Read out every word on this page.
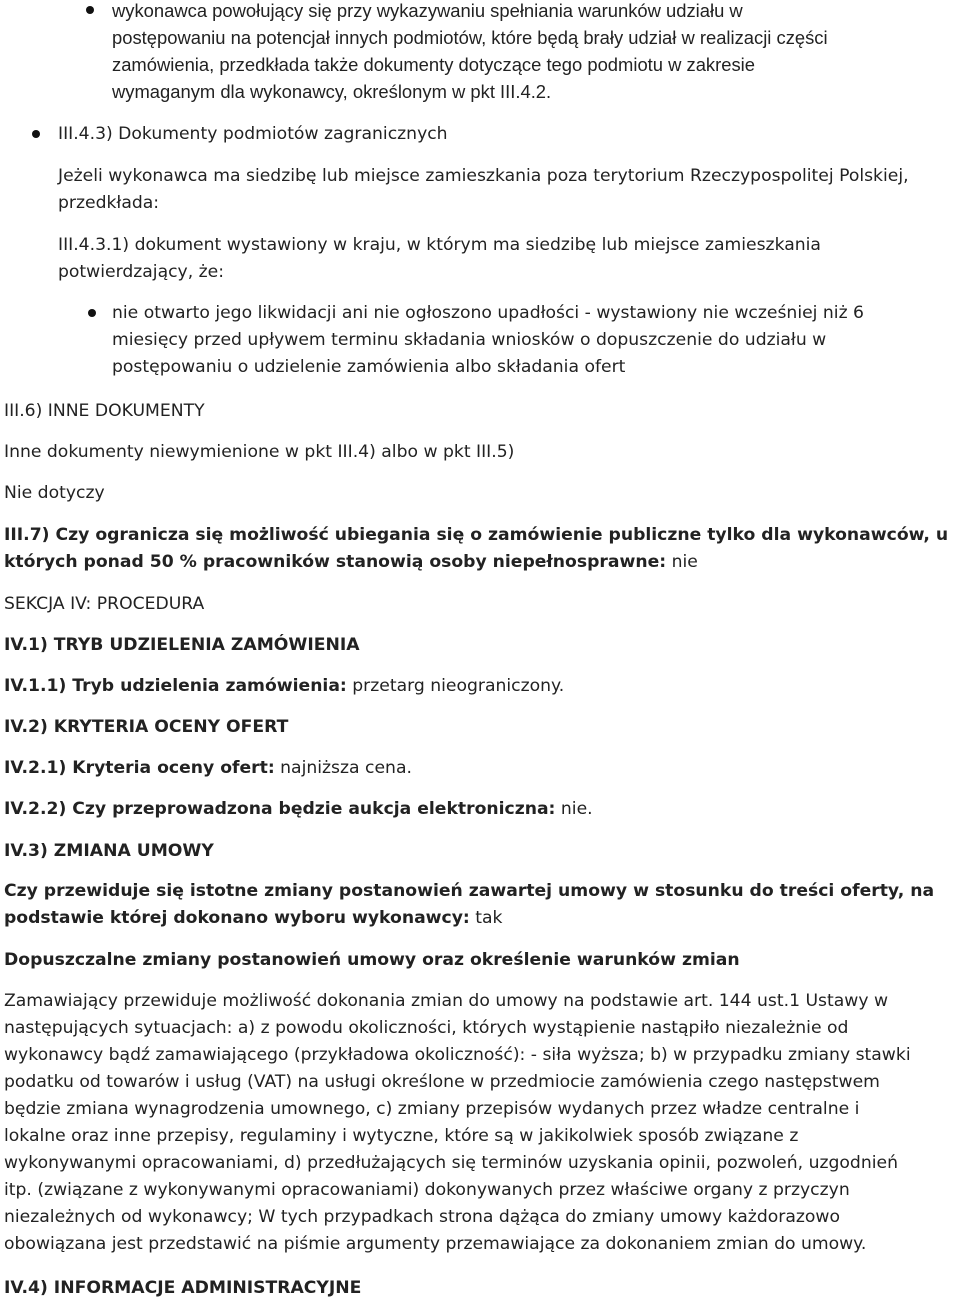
wykonawca powołujący się przy wykazywaniu spełniania warunków udziału w
postępowaniu na potencjał innych podmiotów, które będą brały udział w realizacji części
zamówienia, przedkłada także dokumenty dotyczące tego podmiotu w zakresie
wymaganym dla wykonawcy, określonym w pkt III.4.2.
III.4.3) Dokumenty podmiotów zagranicznych
Jeżeli wykonawca ma siedzibę lub miejsce zamieszkania poza terytorium Rzeczypospolitej Polskiej,
przedkłada:
III.4.3.1) dokument wystawiony w kraju, w którym ma siedzibę lub miejsce zamieszkania
potwierdzający, że:
nie otwarto jego likwidacji ani nie ogłoszono upadłości - wystawiony nie wcześniej niż 6
miesięcy przed upływem terminu składania wniosków o dopuszczenie do udziału w
postępowaniu o udzielenie zamówienia albo składania ofert
III.6) INNE DOKUMENTY
Inne dokumenty niewymienione w pkt III.4) albo w pkt III.5)
Nie dotyczy
III.7) Czy ogranicza się możliwość ubiegania się o zamówienie publiczne tylko dla wykonawców, u
których ponad 50 % pracowników stanowią osoby niepełnosprawne: nie
SEKCJA IV: PROCEDURA
IV.1) TRYB UDZIELENIA ZAMÓWIENIA
IV.1.1) Tryb udzielenia zamówienia: przetarg nieograniczony.
IV.2) KRYTERIA OCENY OFERT
IV.2.1) Kryteria oceny ofert: najniższa cena.
IV.2.2) Czy przeprowadzona będzie aukcja elektroniczna: nie.
IV.3) ZMIANA UMOWY
Czy przewiduje się istotne zmiany postanowień zawartej umowy w stosunku do treści oferty, na
podstawie której dokonano wyboru wykonawcy: tak
Dopuszczalne zmiany postanowień umowy oraz określenie warunków zmian
Zamawiający przewiduje możliwość dokonania zmian do umowy na podstawie art. 144 ust.1 Ustawy w
następujących sytuacjach: a) z powodu okoliczności, których wystąpienie nastąpiło niezależnie od
wykonawcy bądź zamawiającego (przykładowa okoliczność): - siła wyższa; b) w przypadku zmiany stawki
podatku od towarów i usług (VAT) na usługi określone w przedmiocie zamówienia czego następstwem
będzie zmiana wynagrodzenia umownego, c) zmiany przepisów wydanych przez władze centralne i
lokalne oraz inne przepisy, regulaminy i wytyczne, które są w jakikolwiek sposób związane z
wykonywanymi opracowaniami, d) przedłużających się terminów uzyskania opinii, pozwoleń, uzgodnień
itp. (związane z wykonywanymi opracowaniami) dokonywanych przez właściwe organy z przyczyn
niezależnych od wykonawcy; W tych przypadkach strona dążąca do zmiany umowy każdorazowo
obowiązana jest przedstawić na piśmie argumenty przemawiające za dokonaniem zmian do umowy.
IV.4) INFORMACJE ADMINISTRACYJNE
